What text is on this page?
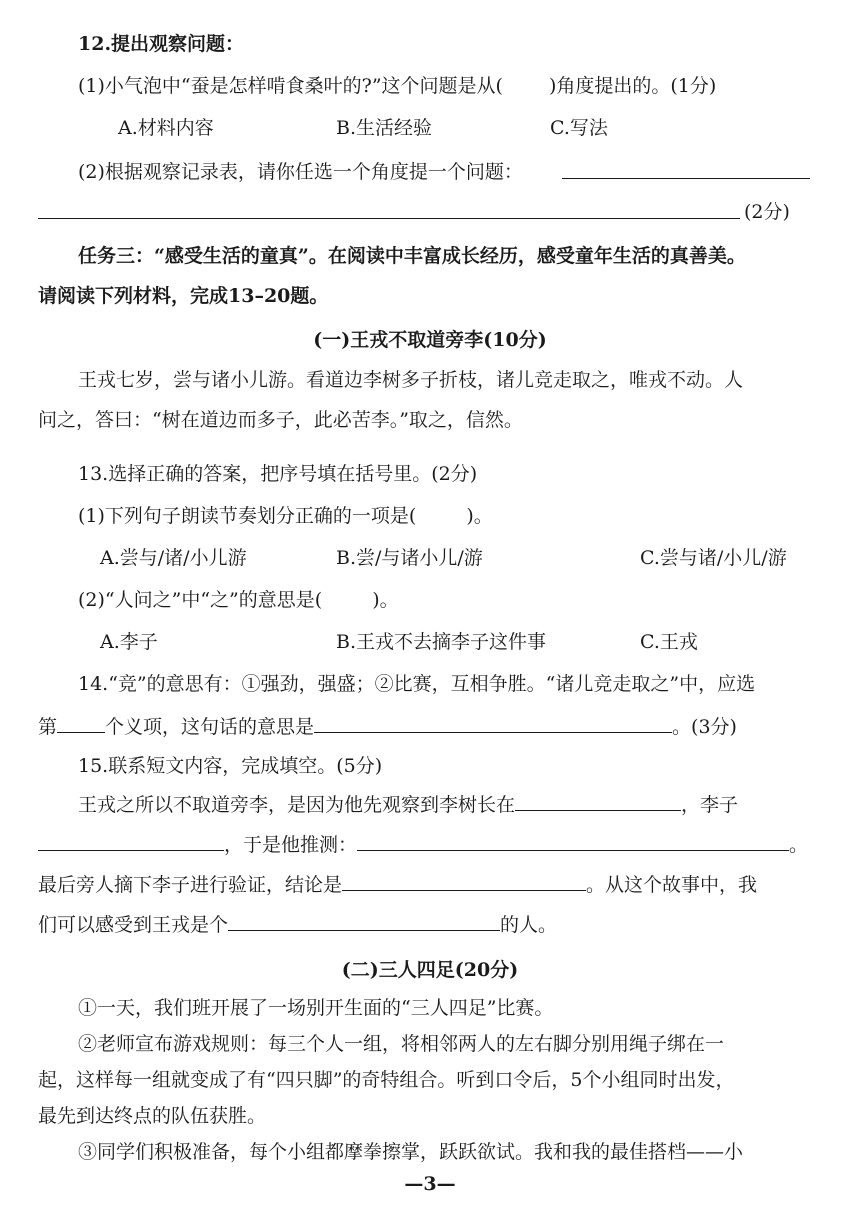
12.提出观察问题：
(1)小气泡中“蚕是怎样啃食桑叶的?”这个问题是从( )角度提出的。(1分)
A.材料内容	B.生活经验	C.写法
(2)根据观察记录表，请你任选一个角度提一个问题：
(2分)
任务三：“感受生活的童真”。在阅读中丰富成长经历，感受童年生活的真善美。
请阅读下列材料，完成13–20题。
(一)王戎不取道旁李(10分)
王戎七岁，尝与诸小儿游。看道边李树多子折枝，诸儿竞走取之，唯戎不动。人
问之，答曰：“树在道边而多子，此必苦李。”取之，信然。
13.选择正确的答案，把序号填在括号里。(2分)
(1)下列句子朗读节奏划分正确的一项是(	)。
A.尝与/诸/小儿游	B.尝/与诸小儿/游	C.尝与诸/小儿/游
(2)“人问之”中“之”的意思是(	)。
A.李子	B.王戎不去摘李子这件事	C.王戎
14.“竞”的意思有：①强劲，强盛；②比赛，互相争胜。“诸儿竞走取之”中，应选
第	个义项，这句话的意思是	。(3分)
15.联系短文内容，完成填空。(5分)
王戎之所以不取道旁李，是因为他先观察到李树长在	，李子
，于是他推测：	。
最后旁人摘下李子进行验证，结论是	。从这个故事中，我
们可以感受到王戎是个	的人。
(二)三人四足(20分)
①一天，我们班开展了一场别开生面的“三人四足”比赛。
②老师宣布游戏规则：每三个人一组，将相邻两人的左右脚分别用绳子绑在一
起，这样每一组就变成了有“四只脚”的奇特组合。听到口令后，5个小组同时出发，
最先到达终点的队伍获胜。
③同学们积极准备，每个小组都摩拳擦掌，跃跃欲试。我和我的最佳搭档——小
—3—
